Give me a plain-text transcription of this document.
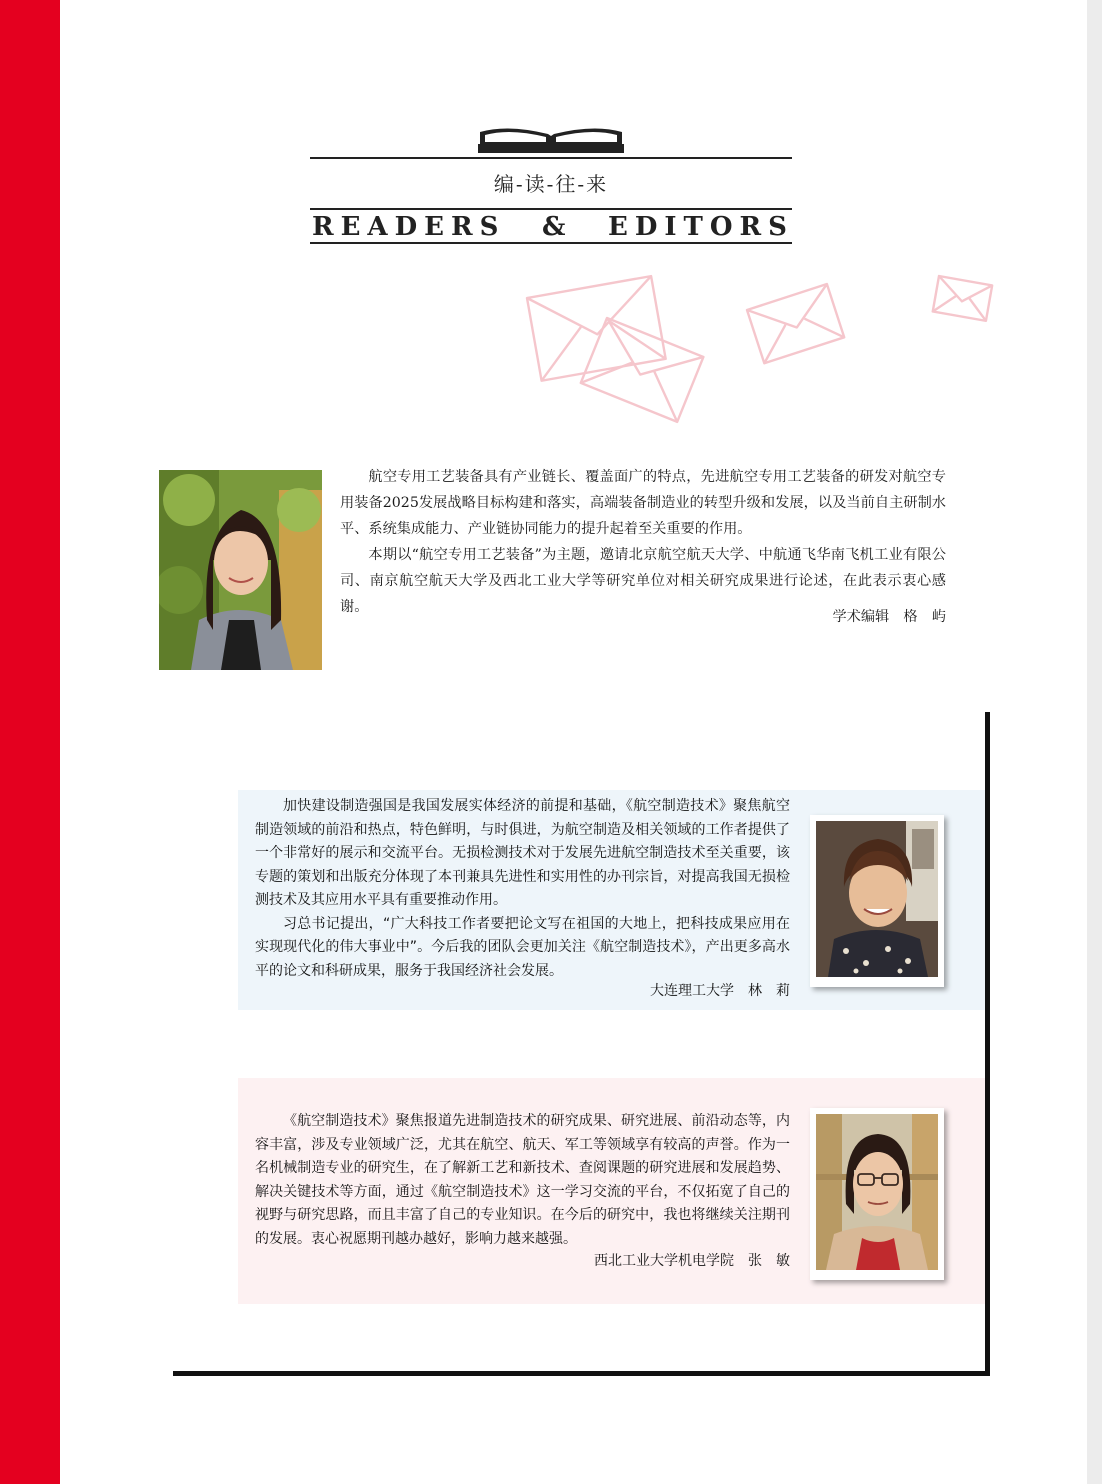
编-读-往-来
READERS & EDITORS

航空专用工艺装备具有产业链长、覆盖面广的特点，先进航空专用工艺装备的研发对航空专用装备2025发展战略目标构建和落实，高端装备制造业的转型升级和发展，以及当前自主研制水平、系统集成能力、产业链协同能力的提升起着至关重要的作用。

本期以“航空专用工艺装备”为主题，邀请北京航空航天大学、中航通飞华南飞机工业有限公司、南京航空航天大学及西北工业大学等研究单位对相关研究成果进行论述，在此表示衷心感谢。

学术编辑　格　屿

加快建设制造强国是我国发展实体经济的前提和基础，《航空制造技术》聚焦航空制造领域的前沿和热点，特色鲜明，与时俱进，为航空制造及相关领域的工作者提供了一个非常好的展示和交流平台。无损检测技术对于发展先进航空制造技术至关重要，该专题的策划和出版充分体现了本刊兼具先进性和实用性的办刊宗旨，对提高我国无损检测技术及其应用水平具有重要推动作用。

习总书记提出，“广大科技工作者要把论文写在祖国的大地上，把科技成果应用在实现现代化的伟大事业中”。今后我的团队会更加关注《航空制造技术》，产出更多高水平的论文和科研成果，服务于我国经济社会发展。

大连理工大学　林　莉

《航空制造技术》聚焦报道先进制造技术的研究成果、研究进展、前沿动态等，内容丰富，涉及专业领域广泛，尤其在航空、航天、军工等领域享有较高的声誉。作为一名机械制造专业的研究生，在了解新工艺和新技术、查阅课题的研究进展和发展趋势、解决关键技术等方面，通过《航空制造技术》这一学习交流的平台，不仅拓宽了自己的视野与研究思路，而且丰富了自己的专业知识。在今后的研究中，我也将继续关注期刊的发展。衷心祝愿期刊越办越好，影响力越来越强。

西北工业大学机电学院　张　敏
